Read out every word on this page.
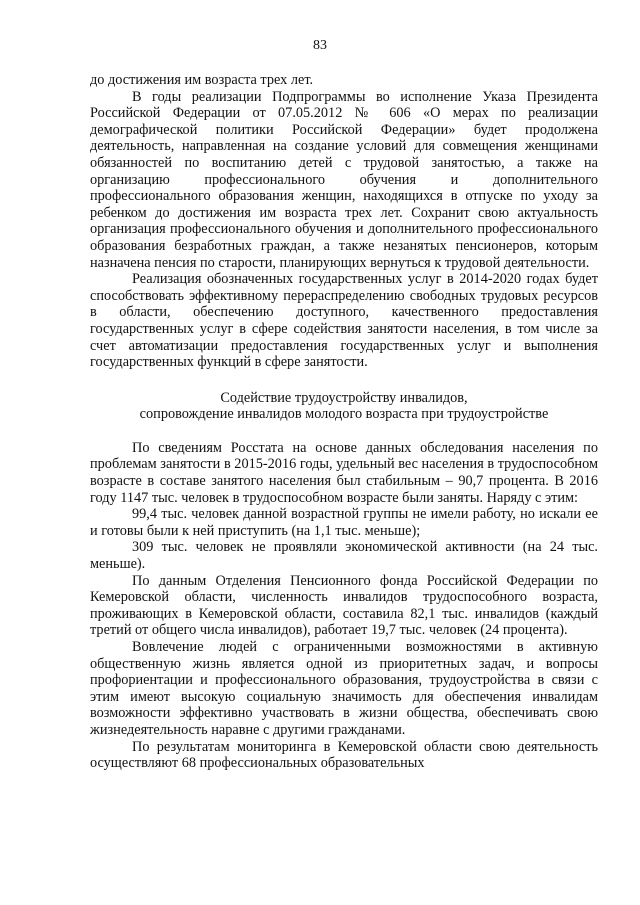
83

до достижения им возраста трех лет.

В годы реализации Подпрограммы во исполнение Указа Президента Российской Федерации от 07.05.2012 № 606 «О мерах по реализации демографической политики Российской Федерации» будет продолжена деятельность, направленная на создание условий для совмещения женщинами обязанностей по воспитанию детей с трудовой занятостью, а также на организацию профессионального обучения и дополнительного профессионального образования женщин, находящихся в отпуске по уходу за ребенком до достижения им возраста трех лет. Сохранит свою актуальность организация профессионального обучения и дополнительного профессионального образования безработных граждан, а также незанятых пенсионеров, которым назначена пенсия по старости, планирующих вернуться к трудовой деятельности.

Реализация обозначенных государственных услуг в 2014-2020 годах будет способствовать эффективному перераспределению свободных трудовых ресурсов в области, обеспечению доступного, качественного предоставления государственных услуг в сфере содействия занятости населения, в том числе за счет автоматизации предоставления государственных услуг и выполнения государственных функций в сфере занятости.

Содействие трудоустройству инвалидов,
сопровождение инвалидов молодого возраста при трудоустройстве

По сведениям Росстата на основе данных обследования населения по проблемам занятости в 2015-2016 годы, удельный вес населения в трудоспособном возрасте в составе занятого населения был стабильным – 90,7 процента. В 2016 году 1147 тыс. человек в трудоспособном возрасте были заняты. Наряду с этим:

99,4 тыс. человек данной возрастной группы не имели работу, но искали ее и готовы были к ней приступить (на 1,1 тыс. меньше);

309 тыс. человек не проявляли экономической активности (на 24 тыс. меньше).

По данным Отделения Пенсионного фонда Российской Федерации по Кемеровской области, численность инвалидов трудоспособного возраста, проживающих в Кемеровской области, составила 82,1 тыс. инвалидов (каждый третий от общего числа инвалидов), работает 19,7 тыс. человек (24 процента).

Вовлечение людей с ограниченными возможностями в активную общественную жизнь является одной из приоритетных задач, и вопросы профориентации и профессионального образования, трудоустройства в связи с этим имеют высокую социальную значимость для обеспечения инвалидам возможности эффективно участвовать в жизни общества, обеспечивать свою жизнедеятельность наравне с другими гражданами.

По результатам мониторинга в Кемеровской области свою деятельность осуществляют 68 профессиональных образовательных
